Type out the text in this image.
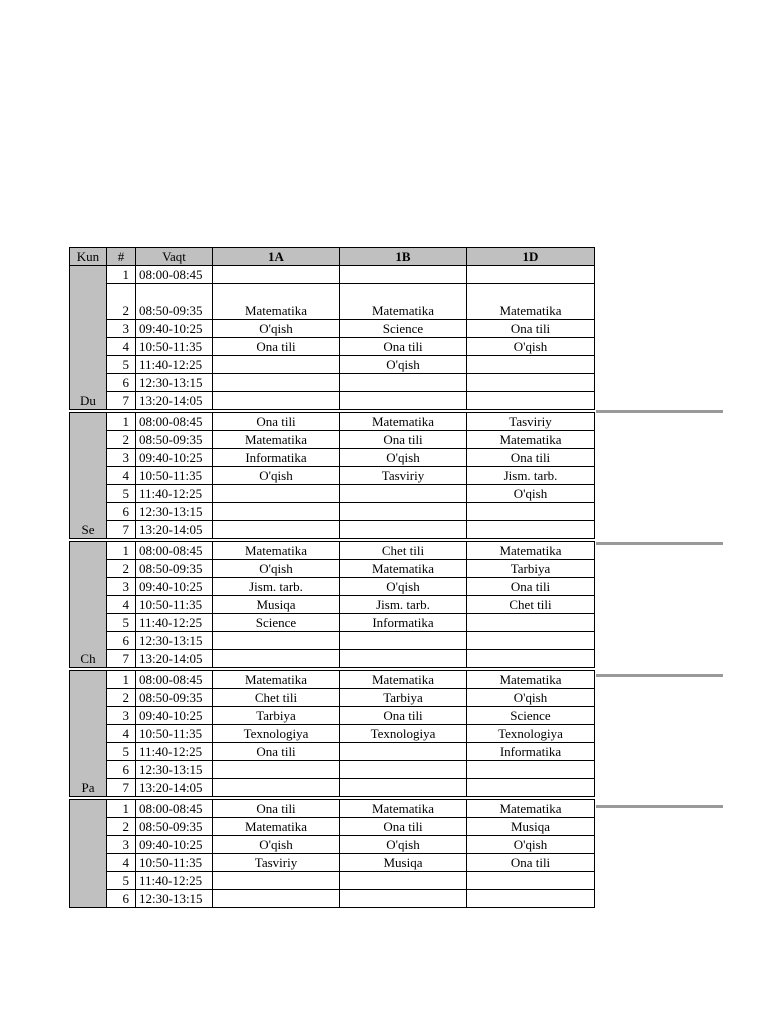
Kun	#	Vaqt	1A	1B	1D
Du	1	08:00-08:45			
	2	08:50-09:35	Matematika	Matematika	Matematika
	3	09:40-10:25	O'qish	Science	Ona tili
	4	10:50-11:35	Ona tili	Ona tili	O'qish
	5	11:40-12:25		O'qish	
	6	12:30-13:15			
	7	13:20-14:05			

Se	1	08:00-08:45	Ona tili	Matematika	Tasviriy
	2	08:50-09:35	Matematika	Ona tili	Matematika
	3	09:40-10:25	Informatika	O'qish	Ona tili
	4	10:50-11:35	O'qish	Tasviriy	Jism. tarb.
	5	11:40-12:25			O'qish
	6	12:30-13:15			
	7	13:20-14:05			

Ch	1	08:00-08:45	Matematika	Chet tili	Matematika
	2	08:50-09:35	O'qish	Matematika	Tarbiya
	3	09:40-10:25	Jism. tarb.	O'qish	Ona tili
	4	10:50-11:35	Musiqa	Jism. tarb.	Chet tili
	5	11:40-12:25	Science	Informatika	
	6	12:30-13:15			
	7	13:20-14:05			

Pa	1	08:00-08:45	Matematika	Matematika	Matematika
	2	08:50-09:35	Chet tili	Tarbiya	O'qish
	3	09:40-10:25	Tarbiya	Ona tili	Science
	4	10:50-11:35	Texnologiya	Texnologiya	Texnologiya
	5	11:40-12:25	Ona tili		Informatika
	6	12:30-13:15			
	7	13:20-14:05			

	1	08:00-08:45	Ona tili	Matematika	Matematika
	2	08:50-09:35	Matematika	Ona tili	Musiqa
	3	09:40-10:25	O'qish	O'qish	O'qish
	4	10:50-11:35	Tasviriy	Musiqa	Ona tili
	5	11:40-12:25			
	6	12:30-13:15			
